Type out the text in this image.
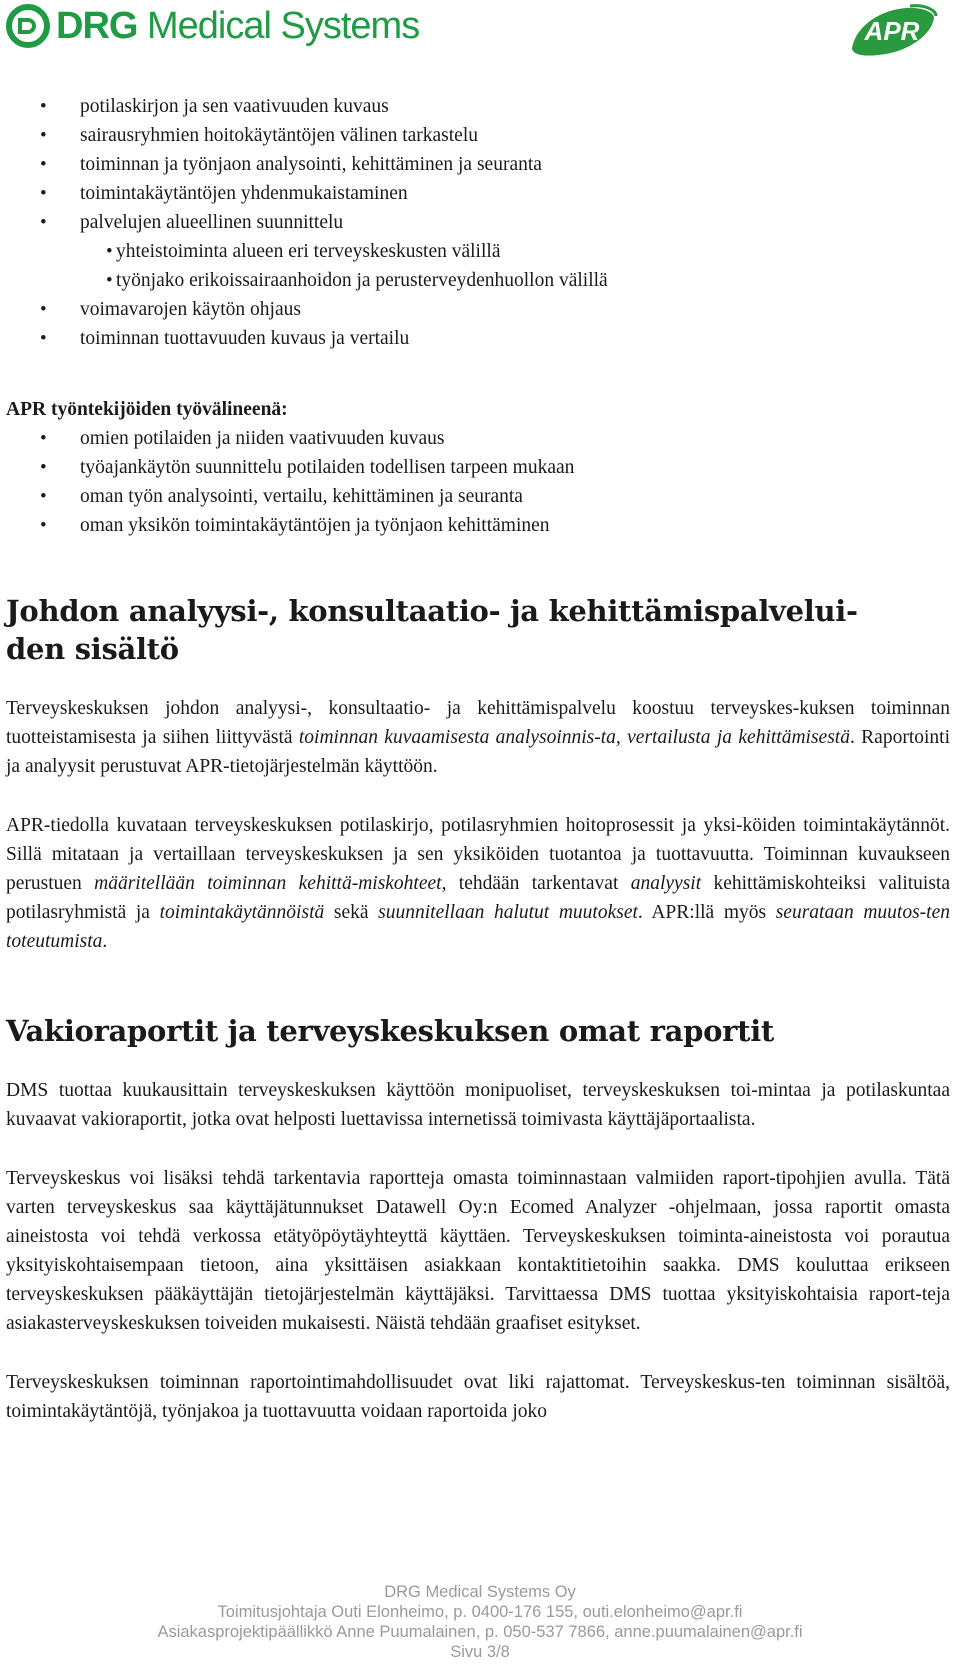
DRG Medical Systems	APR
• potilaskirjon ja sen vaativuuden kuvaus
• sairausryhmien hoitokäytäntöjen välinen tarkastelu
• toiminnan ja työnjaon analysointi, kehittäminen ja seuranta
• toimintakäytäntöjen yhdenmukaistaminen
• palvelujen alueellinen suunnittelu
• yhteistoiminta alueen eri terveyskeskusten välillä
• työnjako erikoissairaanhoidon ja perusterveydenhuollon välillä
• voimavarojen käytön ohjaus
• toiminnan tuottavuuden kuvaus ja vertailu
APR työntekijöiden työvälineenä:
• omien potilaiden ja niiden vaativuuden kuvaus
• työajankäytön suunnittelu potilaiden todellisen tarpeen mukaan
• oman työn analysointi, vertailu, kehittäminen ja seuranta
• oman yksikön toimintakäytäntöjen ja työnjaon kehittäminen
Johdon analyysi-, konsultaatio- ja kehittämispalvelui-
den sisältö

Terveyskeskuksen johdon analyysi-, konsultaatio- ja kehittämispalvelu koostuu terveyskes-kuksen toiminnan tuotteistamisesta ja siihen liittyvästä toiminnan kuvaamisesta analysoinnis-ta, vertailusta ja kehittämisestä. Raportointi ja analyysit perustuvat APR-tietojärjestelmän käyttöön.

APR-tiedolla kuvataan terveyskeskuksen potilaskirjo, potilasryhmien hoitoprosessit ja yksi-köiden toimintakäytännöt. Sillä mitataan ja vertaillaan terveyskeskuksen ja sen yksiköiden tuotantoa ja tuottavuutta. Toiminnan kuvaukseen perustuen määritellään toiminnan kehittä-miskohteet, tehdään tarkentavat analyysit kehittämiskohteiksi valituista potilasryhmistä ja toimintakäytännöistä sekä suunnitellaan halutut muutokset. APR:llä myös seurataan muutos-ten toteutumista.

Vakioraportit ja terveyskeskuksen omat raportit

DMS tuottaa kuukausittain terveyskeskuksen käyttöön monipuoliset, terveyskeskuksen toi-mintaa ja potilaskuntaa kuvaavat vakioraportit, jotka ovat helposti luettavissa internetissä toimivasta käyttäjäportaalista.

Terveyskeskus voi lisäksi tehdä tarkentavia raportteja omasta toiminnastaan valmiiden raport-tipohjien avulla. Tätä varten terveyskeskus saa käyttäjätunnukset Datawell Oy:n Ecomed Analyzer -ohjelmaan, jossa raportit omasta aineistosta voi tehdä verkossa etätyöpöytäyhteyttä käyttäen. Terveyskeskuksen toiminta-aineistosta voi porautua yksityiskohtaisempaan tietoon, aina yksittäisen asiakkaan kontaktitietoihin saakka. DMS kouluttaa erikseen terveyskeskuksen pääkäyttäjän tietojärjestelmän käyttäjäksi. Tarvittaessa DMS tuottaa yksityiskohtaisia raport-teja asiakasterveyskeskuksen toiveiden mukaisesti. Näistä tehdään graafiset esitykset.

Terveyskeskuksen toiminnan raportointimahdollisuudet ovat liki rajattomat. Terveyskeskus-ten toiminnan sisältöä, toimintakäytäntöjä, työnjakoa ja tuottavuutta voidaan raportoida joko

DRG Medical Systems Oy
Toimitusjohtaja Outi Elonheimo, p. 0400-176 155, outi.elonheimo@apr.fi
Asiakasprojektipäällikkö Anne Puumalainen, p. 050-537 7866, anne.puumalainen@apr.fi
Sivu 3/8
